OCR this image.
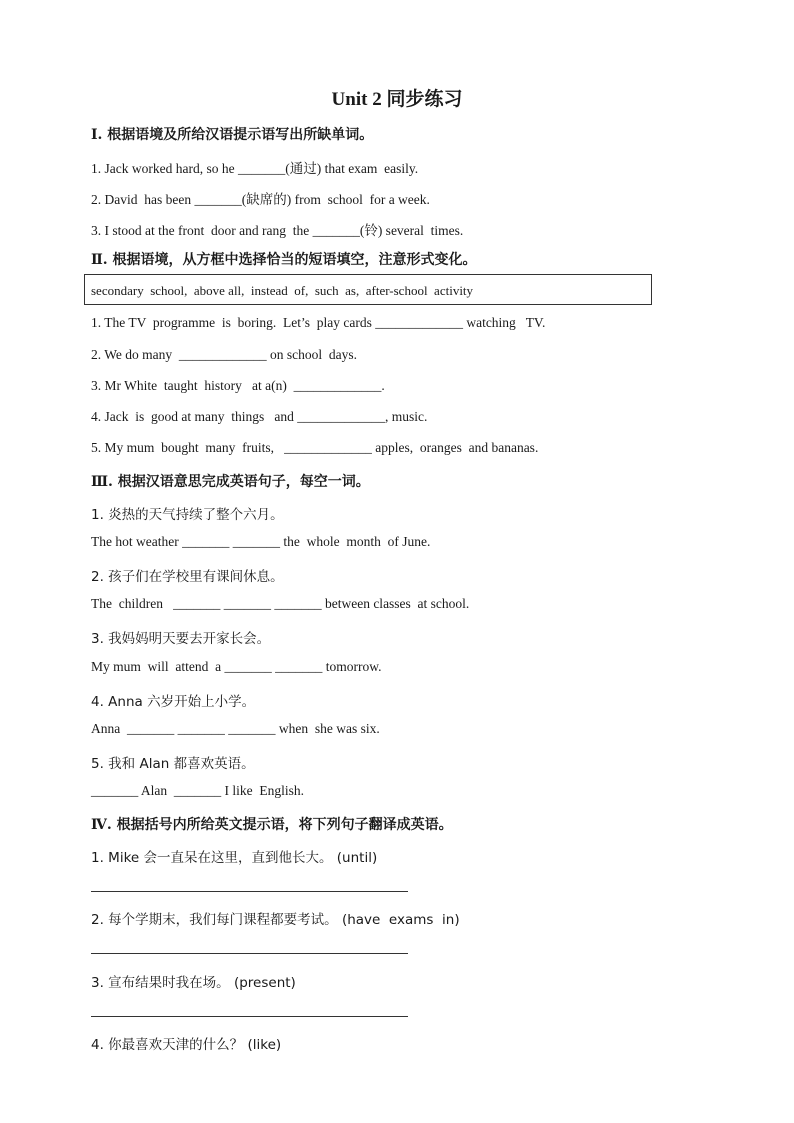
Unit 2 同步练习
Ⅰ. 根据语境及所给汉语提示语写出所缺单词。
1. Jack worked hard, so he _______(通过) that exam  easily.
2. David  has been _______(缺席的) from  school  for a week.
3. I stood at the front  door and rang  the _______(铃) several  times.
Ⅱ. 根据语境，从方框中选择恰当的短语填空，注意形式变化。
secondary  school,  above all,  instead  of,  such  as,  after-school  activity
1. The TV  programme  is  boring.  Let’s  play cards _____________ watching   TV.
2. We do many  _____________ on school  days.
3. Mr White  taught  history   at a(n)  _____________.
4. Jack  is  good at many  things   and _____________, music.
5. My mum  bought  many  fruits,   _____________ apples,  oranges  and bananas.
Ⅲ. 根据汉语意思完成英语句子，每空一词。
1. 炎热的天气持续了整个六月。
The hot weather _______ _______ the  whole  month  of June.
2. 孩子们在学校里有课间休息。
The  children   _______ _______ _______ between classes  at school.
3. 我妈妈明天要去开家长会。
My mum  will  attend  a _______ _______ tomorrow.
4. Anna 六岁开始上小学。
Anna  _______ _______ _______ when  she was six.
5. 我和 Alan 都喜欢英语。
_______ Alan  _______ I like  English.
Ⅳ. 根据括号内所给英文提示语，将下列句子翻译成英语。
1. Mike 会一直呆在这里，直到他长大。 (until)
2. 每个学期末，我们每门课程都要考试。 (have  exams  in)
3. 宣布结果时我在场。 (present)
4. 你最喜欢天津的什么？ (like)
